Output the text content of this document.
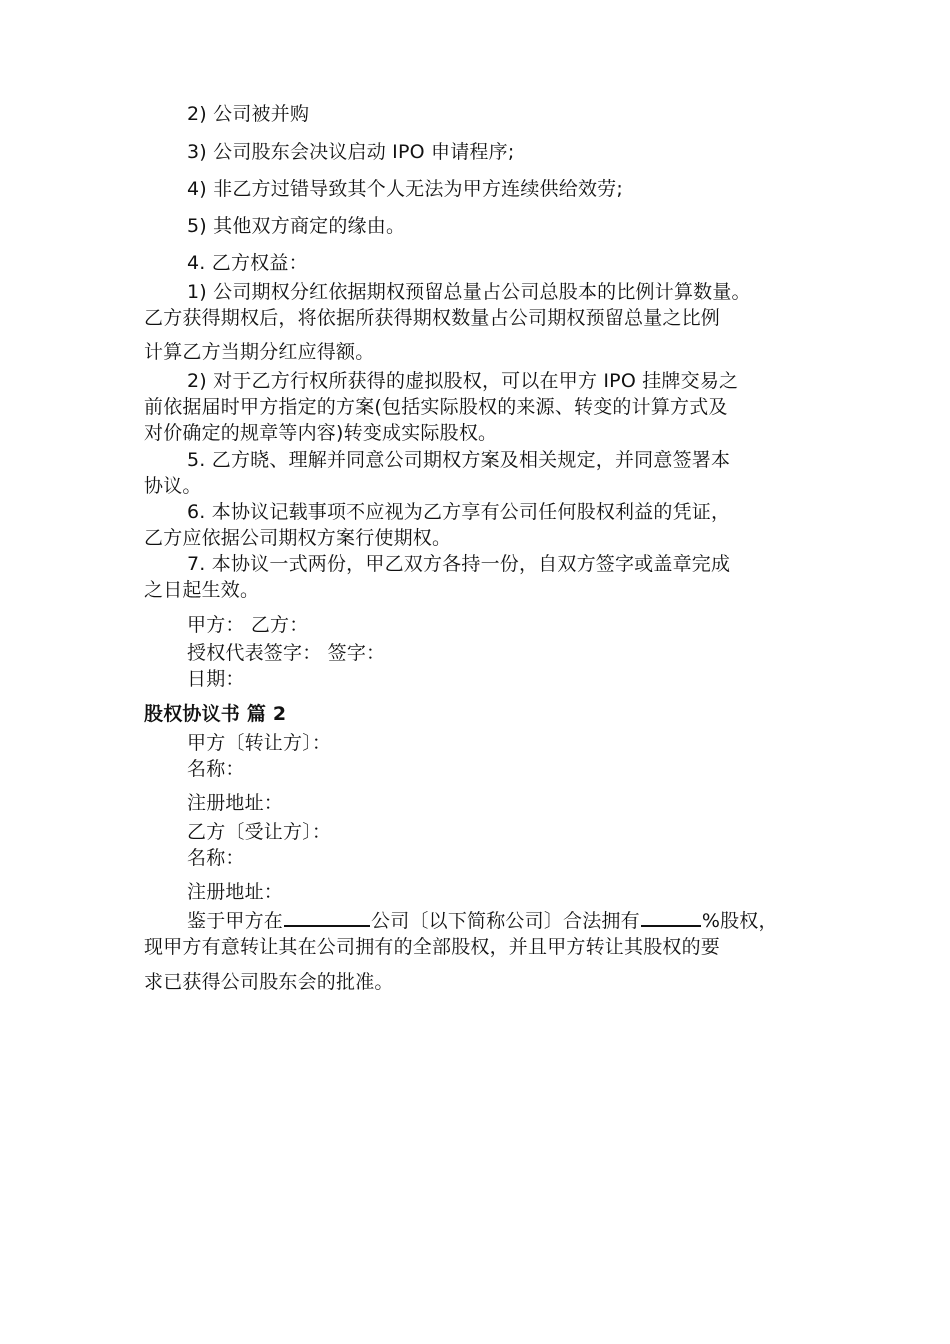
2) 公司被并购

3) 公司股东会决议启动 IPO 申请程序;

4) 非乙方过错导致其个人无法为甲方连续供给效劳;

5) 其他双方商定的缘由。

4. 乙方权益：

1) 公司期权分红依据期权预留总量占公司总股本的比例计算数量。

乙方获得期权后，将依据所获得期权数量占公司期权预留总量之比例

计算乙方当期分红应得额。

2) 对于乙方行权所获得的虚拟股权，可以在甲方 IPO 挂牌交易之

前依据届时甲方指定的方案(包括实际股权的来源、转变的计算方式及

对价确定的规章等内容)转变成实际股权。

5. 乙方晓、理解并同意公司期权方案及相关规定，并同意签署本

协议。

6. 本协议记载事项不应视为乙方享有公司任何股权利益的凭证，

乙方应依据公司期权方案行使期权。

7. 本协议一式两份，甲乙双方各持一份，自双方签字或盖章完成

之日起生效。

甲方： 乙方：

授权代表签字： 签字：

日期：

股权协议书 篇 2

甲方〔转让方〕：

名称：

注册地址：

乙方〔受让方〕：

名称：

注册地址：

鉴于甲方在	公司〔以下简称公司〕合法拥有	%股权，

现甲方有意转让其在公司拥有的全部股权，并且甲方转让其股权的要

求已获得公司股东会的批准。
